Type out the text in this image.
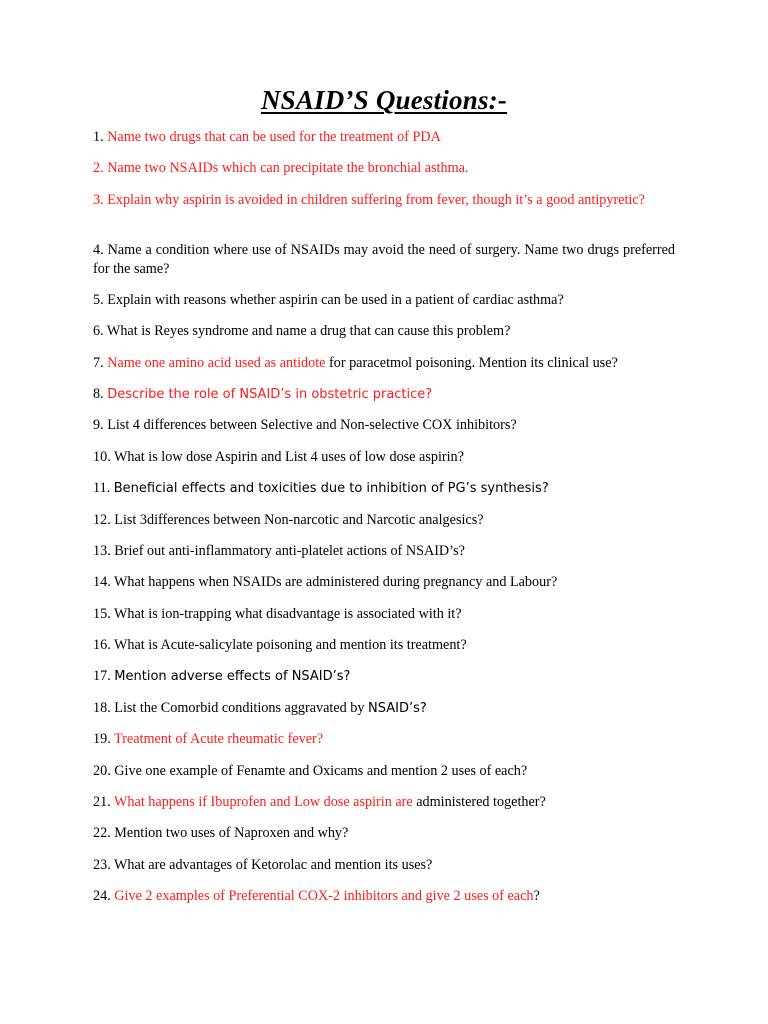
NSAID’S Questions:-
1. Name two drugs that can be used for the treatment of PDA
2. Name two NSAIDs which can precipitate the bronchial asthma.
3. Explain why aspirin is avoided in children suffering from fever, though it’s a good antipyretic?
4. Name a condition where use of NSAIDs may avoid the need of surgery. Name two drugs preferred for the same?
5. Explain with reasons whether aspirin can be used in a patient of cardiac asthma?
6. What is Reyes syndrome and name a drug that can cause this problem?
7. Name one amino acid used as antidote for paracetmol poisoning. Mention its clinical use?
8. Describe the role of NSAID’s in obstetric practice?
9. List 4 differences between Selective and Non-selective COX inhibitors?
10. What is low dose Aspirin and List 4 uses of low dose aspirin?
11. Beneficial effects and toxicities due to inhibition of PG’s synthesis?
12. List 3differences between Non-narcotic and Narcotic analgesics?
13. Brief out anti-inflammatory anti-platelet actions of NSAID’s?
14. What happens when NSAIDs are administered during pregnancy and Labour?
15. What is ion-trapping what disadvantage is associated with it?
16. What is Acute-salicylate poisoning and mention its treatment?
17. Mention adverse effects of NSAID’s?
18. List the Comorbid conditions aggravated by NSAID’s?
19. Treatment of Acute rheumatic fever?
20. Give one example of Fenamte and Oxicams and mention 2 uses of each?
21. What happens if Ibuprofen and Low dose aspirin are administered together?
22. Mention two uses of Naproxen and why?
23. What are advantages of Ketorolac and mention its uses?
24. Give 2 examples of Preferential COX-2 inhibitors and give 2 uses of each?
